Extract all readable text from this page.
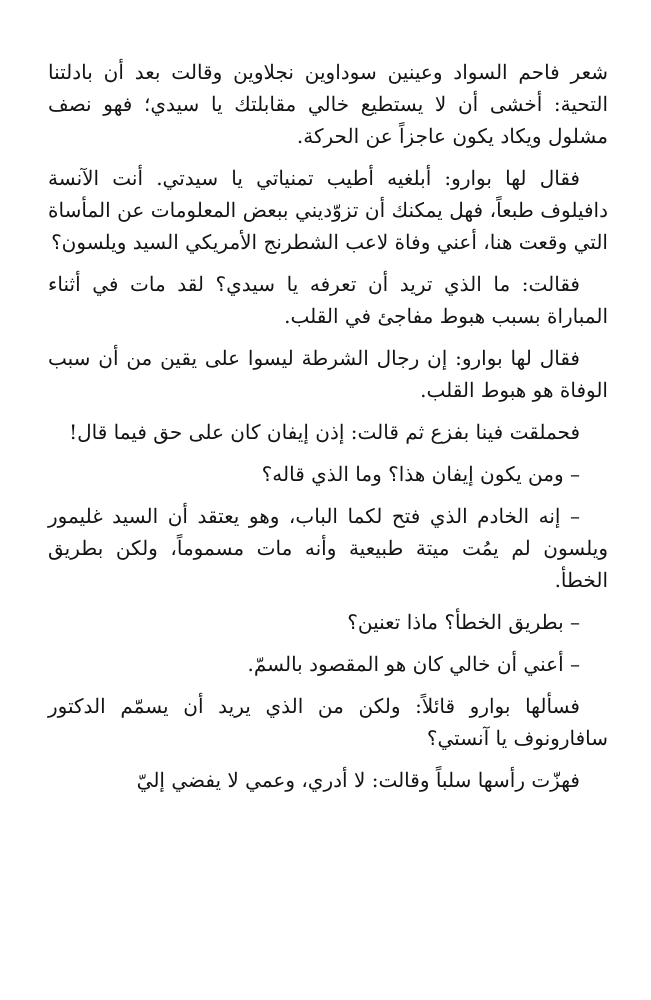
شعر فاحم السواد وعينين سوداوين نجلاوين وقالت بعد أن بادلتنا التحية: أخشى أن لا يستطيع خالي مقابلتك يا سيدي؛ فهو نصف مشلول ويكاد يكون عاجزاً عن الحركة.

فقال لها بوارو: أبلغيه أطيب تمنياتي يا سيدتي. أنت الآنسة دافيلوف طبعاً، فهل يمكنك أن تزوّديني ببعض المعلومات عن المأساة التي وقعت هنا، أعني وفاة لاعب الشطرنج الأمريكي السيد ويلسون؟

فقالت: ما الذي تريد أن تعرفه يا سيدي؟ لقد مات في أثناء المباراة بسبب هبوط مفاجئ في القلب.

فقال لها بوارو: إن رجال الشرطة ليسوا على يقين من أن سبب الوفاة هو هبوط القلب.

فحملقت فينا بفزع ثم قالت: إذن إيفان كان على حق فيما قال!

– ومن يكون إيفان هذا؟ وما الذي قاله؟

– إنه الخادم الذي فتح لكما الباب، وهو يعتقد أن السيد غليمور ويلسون لم يمُت ميتة طبيعية وأنه مات مسموماً، ولكن بطريق الخطأ.

– بطريق الخطأ؟ ماذا تعنين؟

– أعني أن خالي كان هو المقصود بالسمّ.

فسألها بوارو قائلاً: ولكن من الذي يريد أن يسمّم الدكتور سافارونوف يا آنستي؟

فهزّت رأسها سلباً وقالت: لا أدري، وعمي لا يفضي إليّ
